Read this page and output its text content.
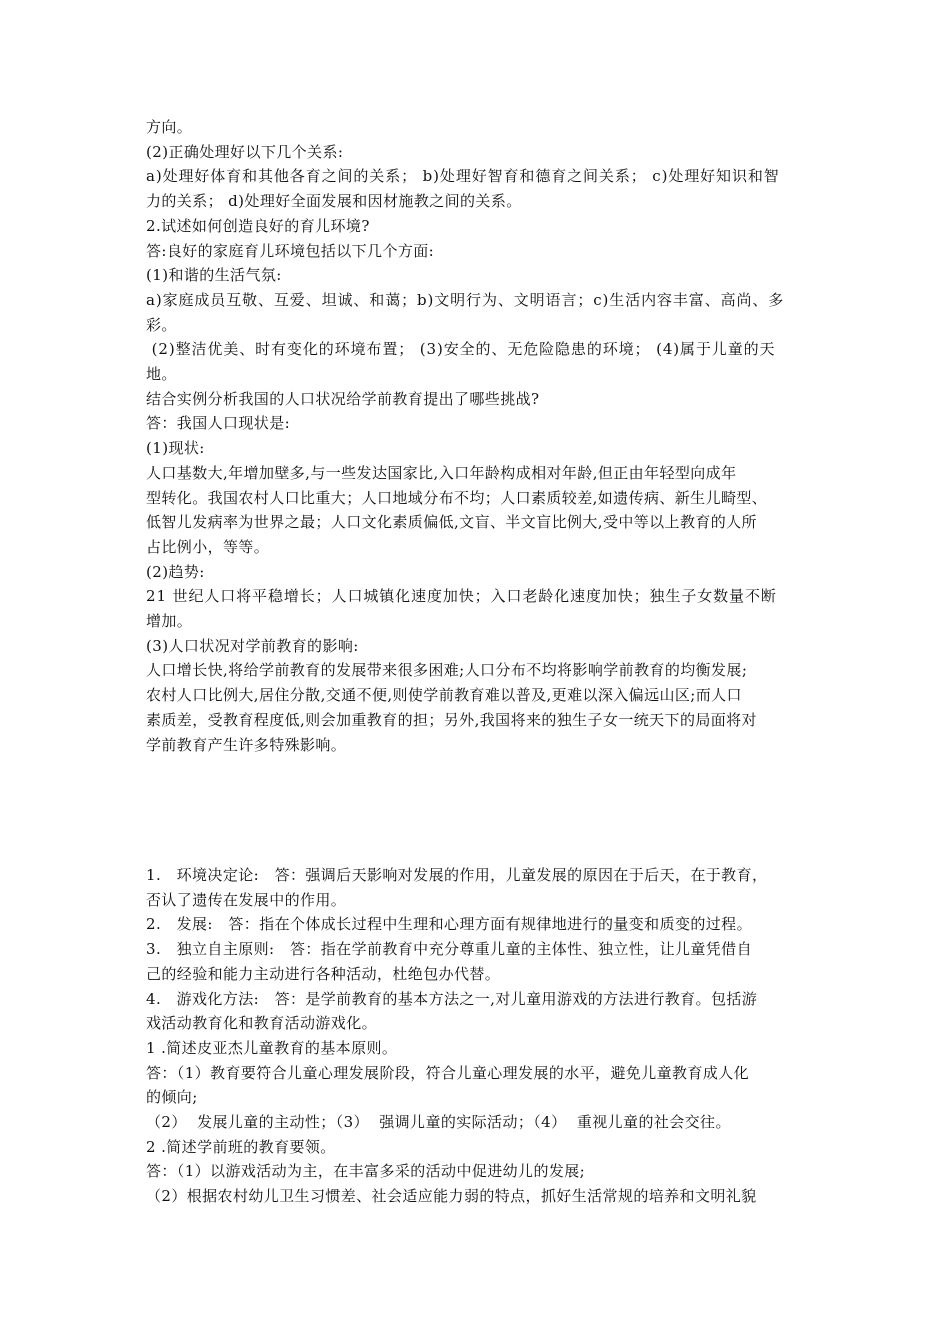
方向。

(2)正确处理好以下几个关系:

a)处理好体育和其他各育之间的关系； b)处理好智育和德育之间关系； c)处理好知识和智

力的关系； d)处理好全面发展和因材施教之间的关系。

2.试述如何创造良好的育儿环境?

答:良好的家庭育儿环境包括以下几个方面:

(1)和谐的生活气氛:

a)家庭成员互敬、互爱、坦诚、和蔼；b)文明行为、文明语言；c)生活内容丰富、高尚、多

彩。

(2)整洁优美、时有变化的环境布置； (3)安全的、无危险隐患的环境； (4)属于儿童的天

地。

结合实例分析我国的人口状况给学前教育提出了哪些挑战?

答：我国人口现状是:

(1)现状:

人口基数大,年增加壁多,与一些发达国家比,入口年龄构成相对年龄,但正由年轻型向成年

型转化。我国农村人口比重大；人口地域分布不均；人口素质较差,如遗传病、新生儿畸型、

低智儿发病率为世界之最；人口文化素质偏低,文盲、半文盲比例大,受中等以上教育的人所

占比例小，等等。

(2)趋势:

21 世纪人口将平稳增长；人口城镇化速度加快；入口老龄化速度加快；独生子女数量不断

增加。

(3)人口状况对学前教育的影响:

人口增长快,将给学前教育的发展带来很多困难;人口分布不均将影响学前教育的均衡发展;

农村人口比例大,居住分散,交通不便,则使学前教育难以普及,更难以深入偏远山区;而人口

素质差，受教育程度低,则会加重教育的担；另外,我国将来的独生子女一统天下的局面将对

学前教育产生许多特殊影响。

1.   环境决定论:   答：强调后天影响对发展的作用，儿童发展的原因在于后天，在于教育，

否认了遗传在发展中的作用。

2.   发展:   答：指在个体成长过程中生理和心理方面有规律地进行的量变和质变的过程。

3.   独立自主原则:   答：指在学前教育中充分尊重儿童的主体性、独立性，让儿童凭借自

己的经验和能力主动进行各种活动，杜绝包办代替。

4.   游戏化方法:   答：是学前教育的基本方法之一,对儿童用游戏的方法进行教育。包括游

戏活动教育化和教育活动游戏化。

1 .简述皮亚杰儿童教育的基本原则。

答：（1）教育要符合儿童心理发展阶段，符合儿童心理发展的水平，避免儿童教育成人化

的倾向;

（2）  发展儿童的主动性；（3）  强调儿童的实际活动；（4）  重视儿童的社会交往。

2 .简述学前班的教育要领。

答：（1）以游戏活动为主，在丰富多采的活动中促进幼儿的发展;

（2）根据农村幼儿卫生习惯差、社会适应能力弱的特点，抓好生活常规的培养和文明礼貌
